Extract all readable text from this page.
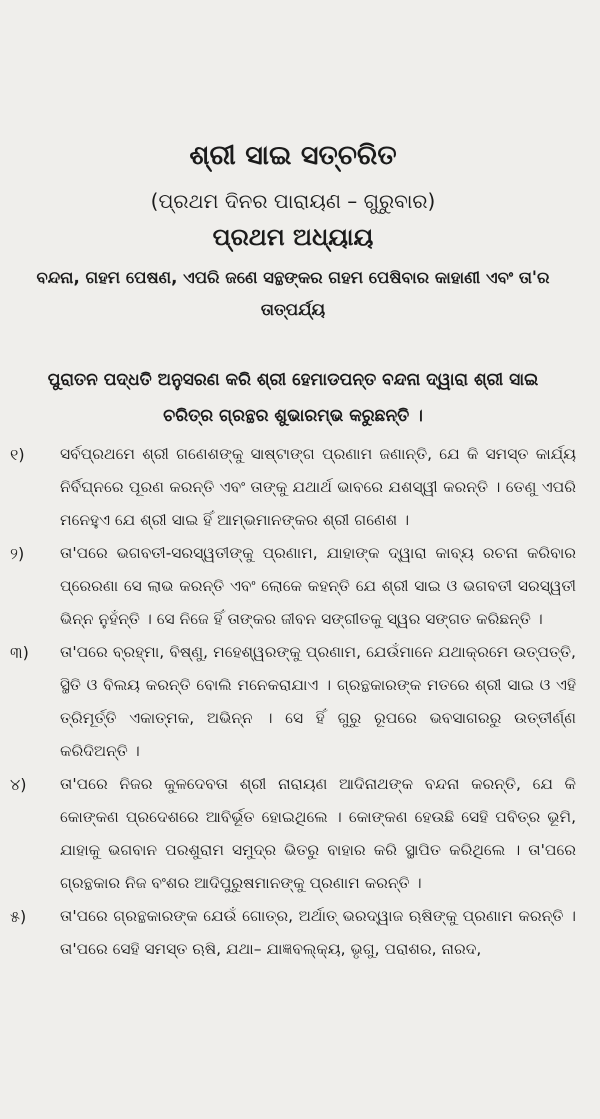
ଶ୍ରୀ ସାଇ ସତ୍‌ଚରିତ
(ପ୍ରଥମ ଦିନର ପାରାୟଣ – ଗୁରୁବାର)
ପ୍ରଥମ ଅଧ୍ୟାୟ
ବନ୍ଦନା, ଗହମ ପେଷଣ, ଏପରି ଜଣେ ସନ୍ଥଙ୍କର ଗହମ ପେଷିବାର କାହାଣୀ ଏବଂ ତା'ର ତାତ୍ପର୍ଯ୍ୟ
ପୁରାତନ ପଦ୍ଧତି ଅନୁସରଣ କରି ଶ୍ରୀ ହେମାଡପନ୍ତ ବନ୍ଦନା ଦ୍ୱାରା ଶ୍ରୀ ସାଇ ଚରିତ୍ର ଗ୍ରନ୍ଥର ଶୁଭାରମ୍ଭ କରୁଛନ୍ତି ।
୧)	ସର୍ବପ୍ରଥମେ ଶ୍ରୀ ଗଣେଶଙ୍କୁ ସାଷ୍ଟାଙ୍ଗ ପ୍ରଣାମ ଜଣାନ୍ତି, ଯେ କି ସମସ୍ତ କାର୍ଯ୍ୟ ନିର୍ବିଘ୍ନରେ ପୂରଣ କରନ୍ତି ଏବଂ ତାଙ୍କୁ ଯଥାର୍ଥ ଭାବରେ ଯଶସ୍ୱୀ କରନ୍ତି । ତେଣୁ ଏପରି ମନେହୁଏ ଯେ ଶ୍ରୀ ସାଇ ହିଁ ଆମ୍ଭମାନଙ୍କର ଶ୍ରୀ ଗଣେଶ ।
୨)	ତା'ପରେ ଭଗବତୀ-ସରସ୍ୱତୀଙ୍କୁ ପ୍ରଣାମ, ଯାହାଙ୍କ ଦ୍ୱାରା କାବ୍ୟ ରଚନା କରିବାର ପ୍ରେରଣା ସେ ଲାଭ କରନ୍ତି ଏବଂ ଲୋକେ କହନ୍ତି ଯେ ଶ୍ରୀ ସାଇ ଓ ଭଗବତୀ ସରସ୍ୱତୀ ଭିନ୍ନ ନୁହଁନ୍ତି । ସେ ନିଜେ ହିଁ ତାଙ୍କର ଜୀବନ ସଙ୍ଗୀତକୁ ସ୍ୱର ସଙ୍ଗତ କରିଛନ୍ତି ।
୩)	ତା'ପରେ ବ୍ରହ୍ମା, ବିଷ୍ଣୁ, ମହେଶ୍ୱରଙ୍କୁ ପ୍ରଣାମ, ଯେଉଁମାନେ ଯଥାକ୍ରମେ ଉତ୍ପତ୍ତି, ସ୍ଥିତି ଓ ବିଲୟ କରନ୍ତି ବୋଲି ମନେକରାଯାଏ । ଗ୍ରନ୍ଥକାରଙ୍କ ମତରେ ଶ୍ରୀ ସାଇ ଓ ଏହି ତ୍ରିମୂର୍ତ୍ତି ଏକାତ୍ମକ, ଅଭିନ୍ନ । ସେ ହିଁ ଗୁରୁ ରୂପରେ ଭବସାଗରରୁ ଉତ୍ତୀର୍ଣ୍ଣ କରିଦିଅନ୍ତି ।
୪)	ତା'ପରେ ନିଜର କୁଳଦେବତା ଶ୍ରୀ ନାରାୟଣ ଆଦିନାଥଙ୍କ ବନ୍ଦନା କରନ୍ତି, ଯେ କି କୋଙ୍କଣ ପ୍ରଦେଶରେ ଆବିର୍ଭୂତ ହୋଇଥିଲେ । କୋଙ୍କଣ ହେଉଛି ସେହି ପବିତ୍ର ଭୂମି, ଯାହାକୁ ଭଗବାନ ପରଶୁରାମ ସମୁଦ୍ର ଭିତରୁ ବାହାର କରି ସ୍ଥାପିତ କରିଥିଲେ । ତା'ପରେ ଗ୍ରନ୍ଥକାର ନିଜ ବଂଶର ଆଦିପୁରୁଷମାନଙ୍କୁ ପ୍ରଣାମ କରନ୍ତି ।
୫)	ତା'ପରେ ଗ୍ରନ୍ଥକାରଙ୍କ ଯେଉଁ ଗୋତ୍ର, ଅର୍ଥାତ୍ ଭରଦ୍ୱାଜ ଋଷିଙ୍କୁ ପ୍ରଣାମ କରନ୍ତି । ତା'ପରେ ସେହି ସମସ୍ତ ଋଷି, ଯଥା– ଯାଜ୍ଞବଲ୍କ୍ୟ, ଭୃଗୁ, ପରାଶର, ନାରଦ,
